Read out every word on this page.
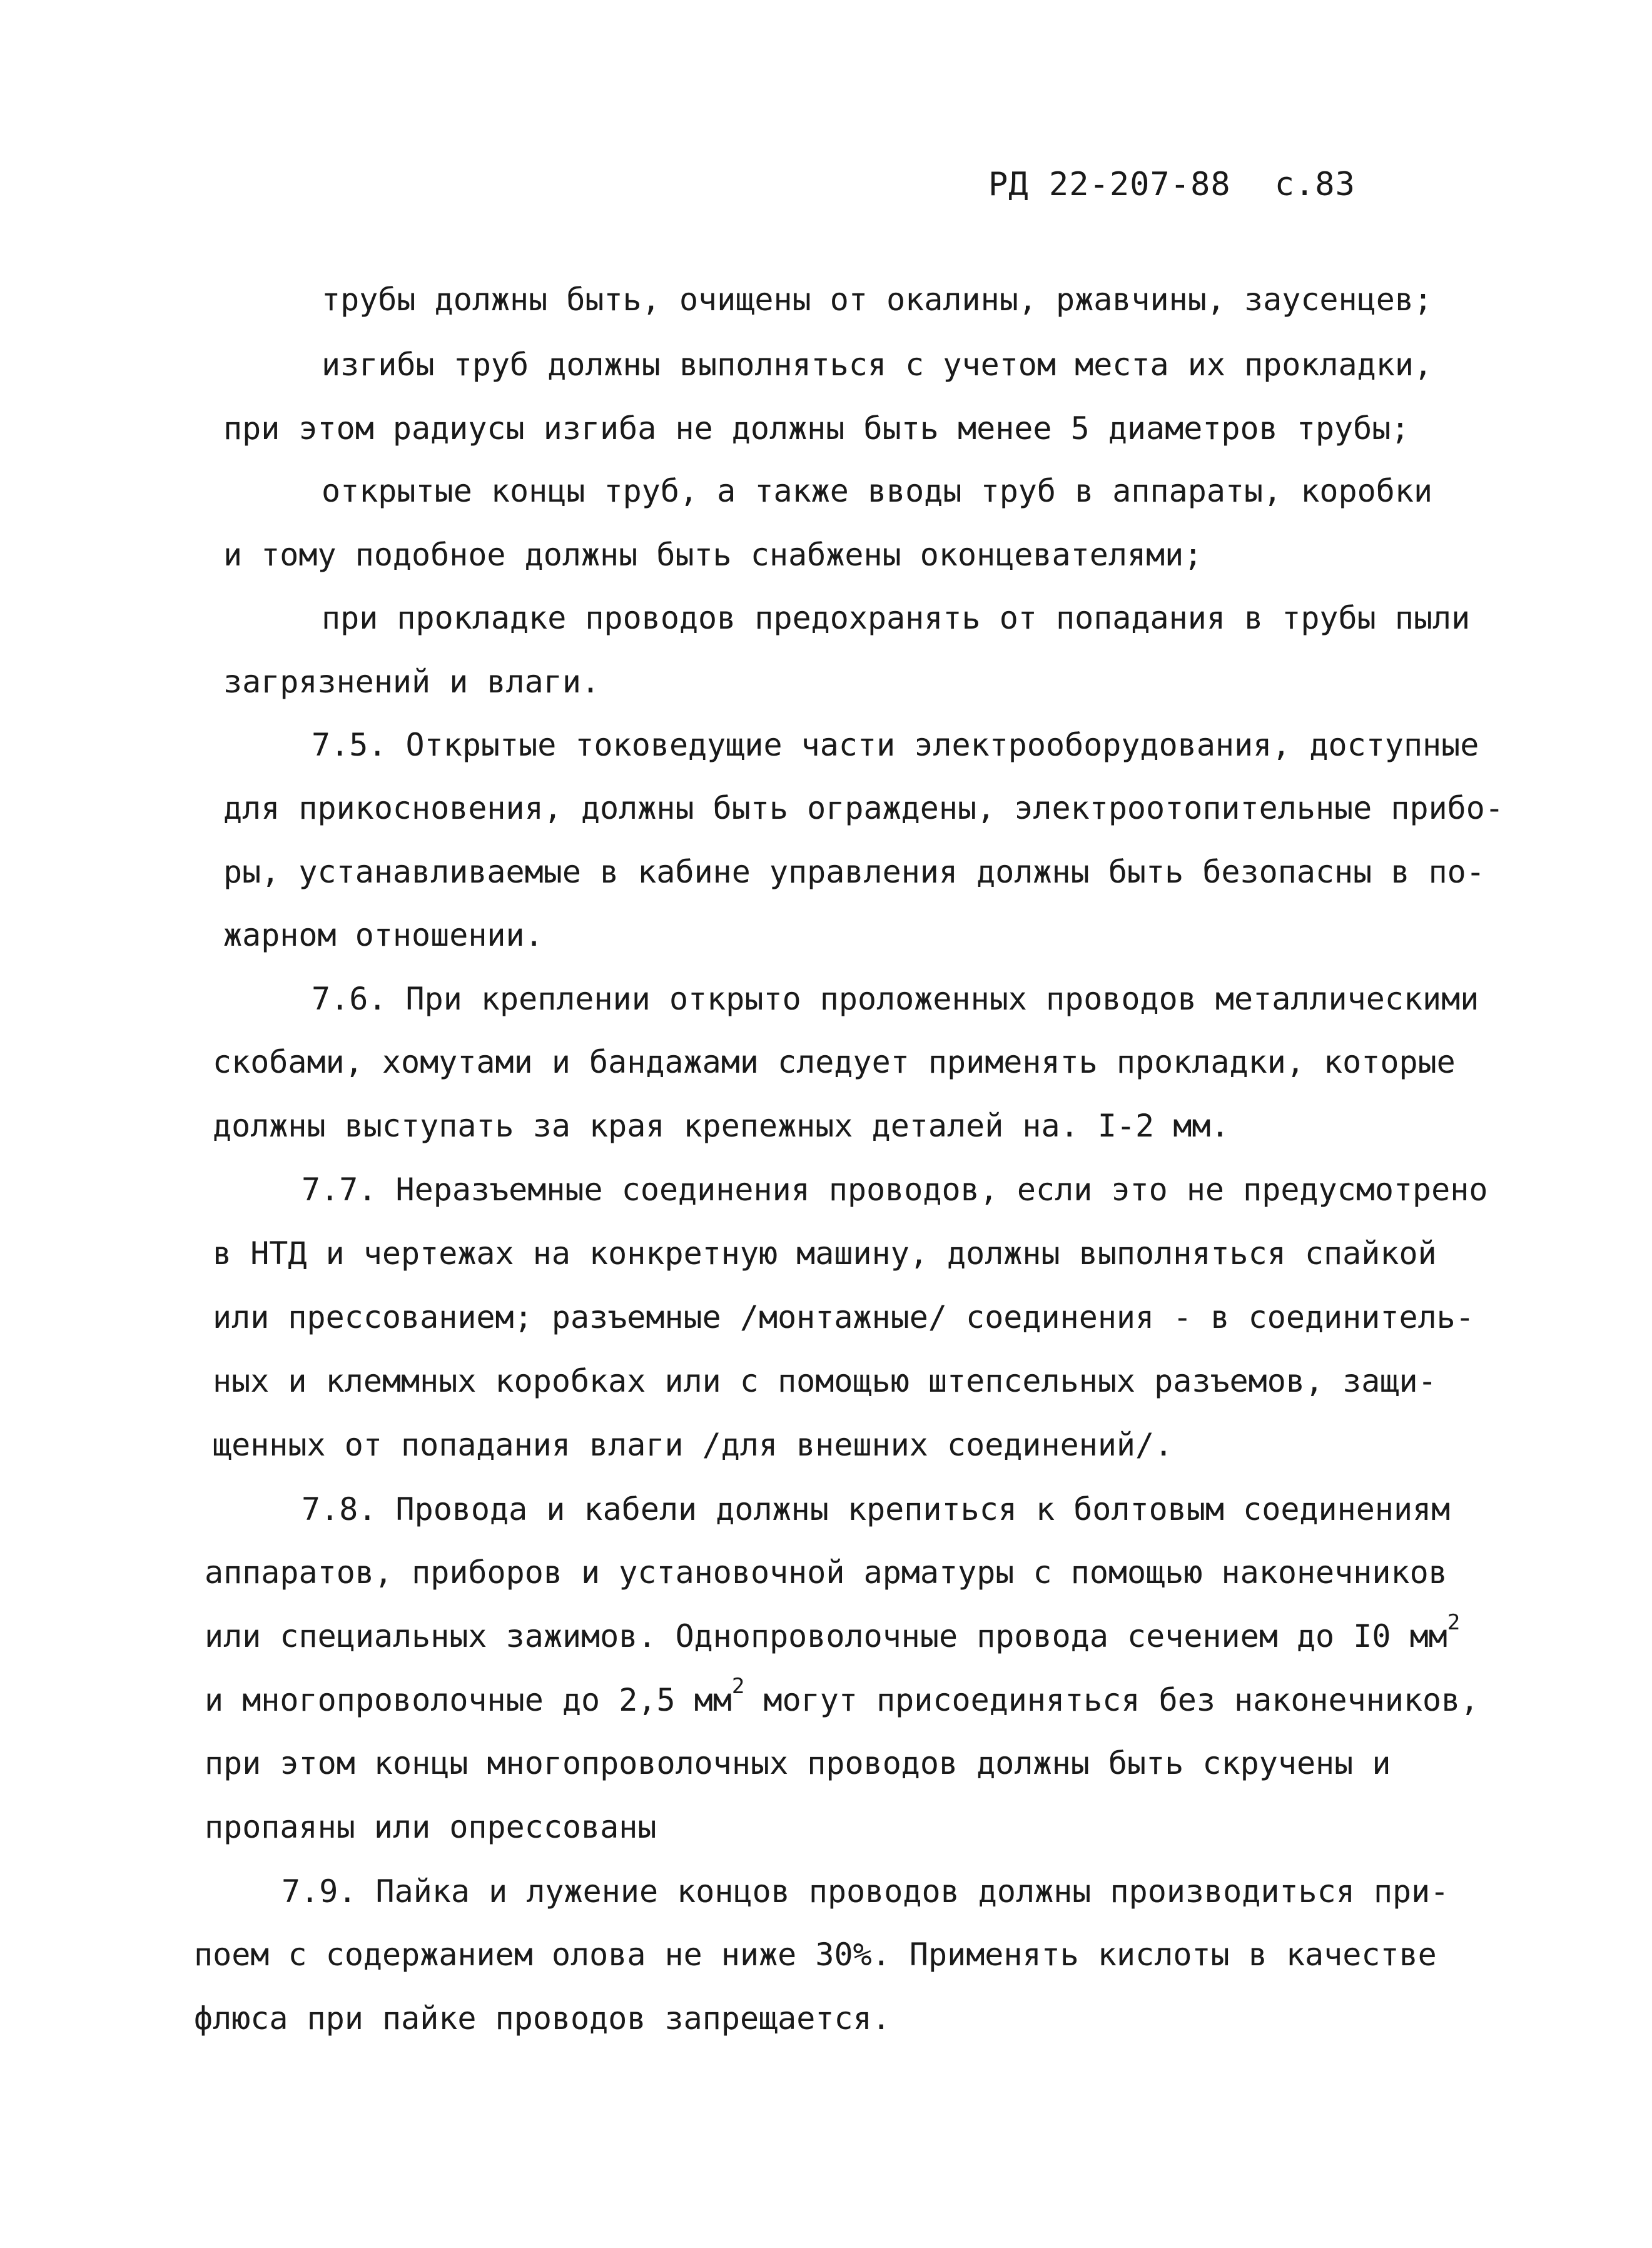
РД 22-207-88 с.83
трубы должны быть, очищены от окалины, ржавчины, заусенцев;
изгибы труб должны выполняться с учетом места их прокладки,
при этом радиусы изгиба не должны быть менее 5 диаметров трубы;
открытые концы труб, а также вводы труб в аппараты, коробки
и тому подобное должны быть снабжены оконцевателями;
при прокладке проводов предохранять от попадания в трубы пыли
загрязнений и влаги.
7.5. Открытые токоведущие части электрооборудования, доступные
для прикосновения, должны быть ограждены, электроотопительные прибо-
ры, устанавливаемые в кабине управления должны быть безопасны в по-
жарном отношении.
7.6. При креплении открыто проложенных проводов металлическими
скобами, хомутами и бандажами следует применять прокладки, которые
должны выступать за края крепежных деталей на. I-2 мм.
7.7. Неразъемные соединения проводов, если это не предусмотрено
в НТД и чертежах на конкретную машину, должны выполняться спайкой
или прессованием; разъемные /монтажные/ соединения - в соединитель-
ных и клеммных коробках или с помощью штепсельных разъемов, защи-
щенных от попадания влаги /для внешних соединений/.
7.8. Провода и кабели должны крепиться к болтовым соединениям
аппаратов, приборов и установочной арматуры с помощью наконечников
или специальных зажимов. Однопроволочные провода сечением до I0 $мм^2$
и многопроволочные до 2,5 $мм^2$ могут присоединяться без наконечников,
при этом концы многопроволочных проводов должны быть скручены и
пропаяны или опрессованы
7.9. Пайка и лужение концов проводов должны производиться при-
поем с содержанием олова не ниже 30%. Применять кислоты в качестве
флюса при пайке проводов запрещается.
